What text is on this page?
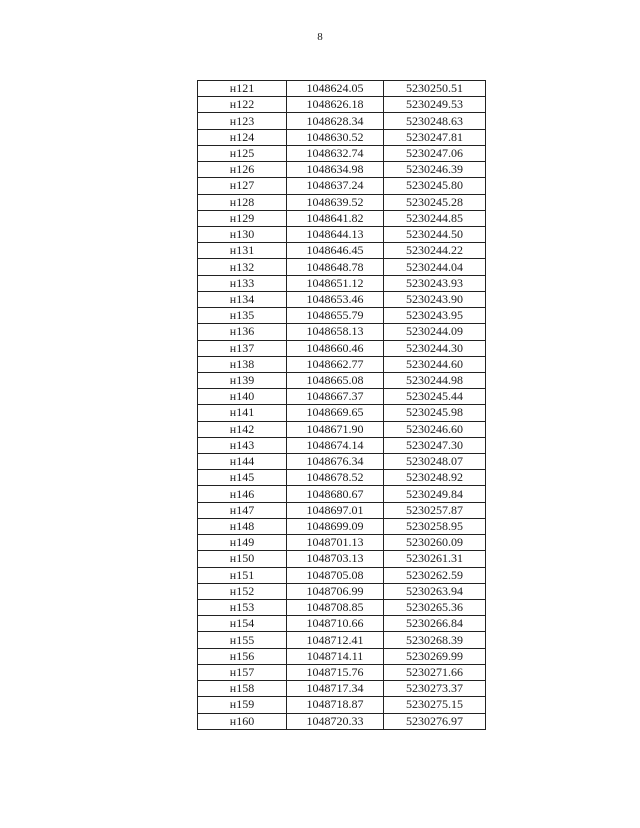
8
н121	1048624.05	5230250.51
н122	1048626.18	5230249.53
н123	1048628.34	5230248.63
н124	1048630.52	5230247.81
н125	1048632.74	5230247.06
н126	1048634.98	5230246.39
н127	1048637.24	5230245.80
н128	1048639.52	5230245.28
н129	1048641.82	5230244.85
н130	1048644.13	5230244.50
н131	1048646.45	5230244.22
н132	1048648.78	5230244.04
н133	1048651.12	5230243.93
н134	1048653.46	5230243.90
н135	1048655.79	5230243.95
н136	1048658.13	5230244.09
н137	1048660.46	5230244.30
н138	1048662.77	5230244.60
н139	1048665.08	5230244.98
н140	1048667.37	5230245.44
н141	1048669.65	5230245.98
н142	1048671.90	5230246.60
н143	1048674.14	5230247.30
н144	1048676.34	5230248.07
н145	1048678.52	5230248.92
н146	1048680.67	5230249.84
н147	1048697.01	5230257.87
н148	1048699.09	5230258.95
н149	1048701.13	5230260.09
н150	1048703.13	5230261.31
н151	1048705.08	5230262.59
н152	1048706.99	5230263.94
н153	1048708.85	5230265.36
н154	1048710.66	5230266.84
н155	1048712.41	5230268.39
н156	1048714.11	5230269.99
н157	1048715.76	5230271.66
н158	1048717.34	5230273.37
н159	1048718.87	5230275.15
н160	1048720.33	5230276.97
